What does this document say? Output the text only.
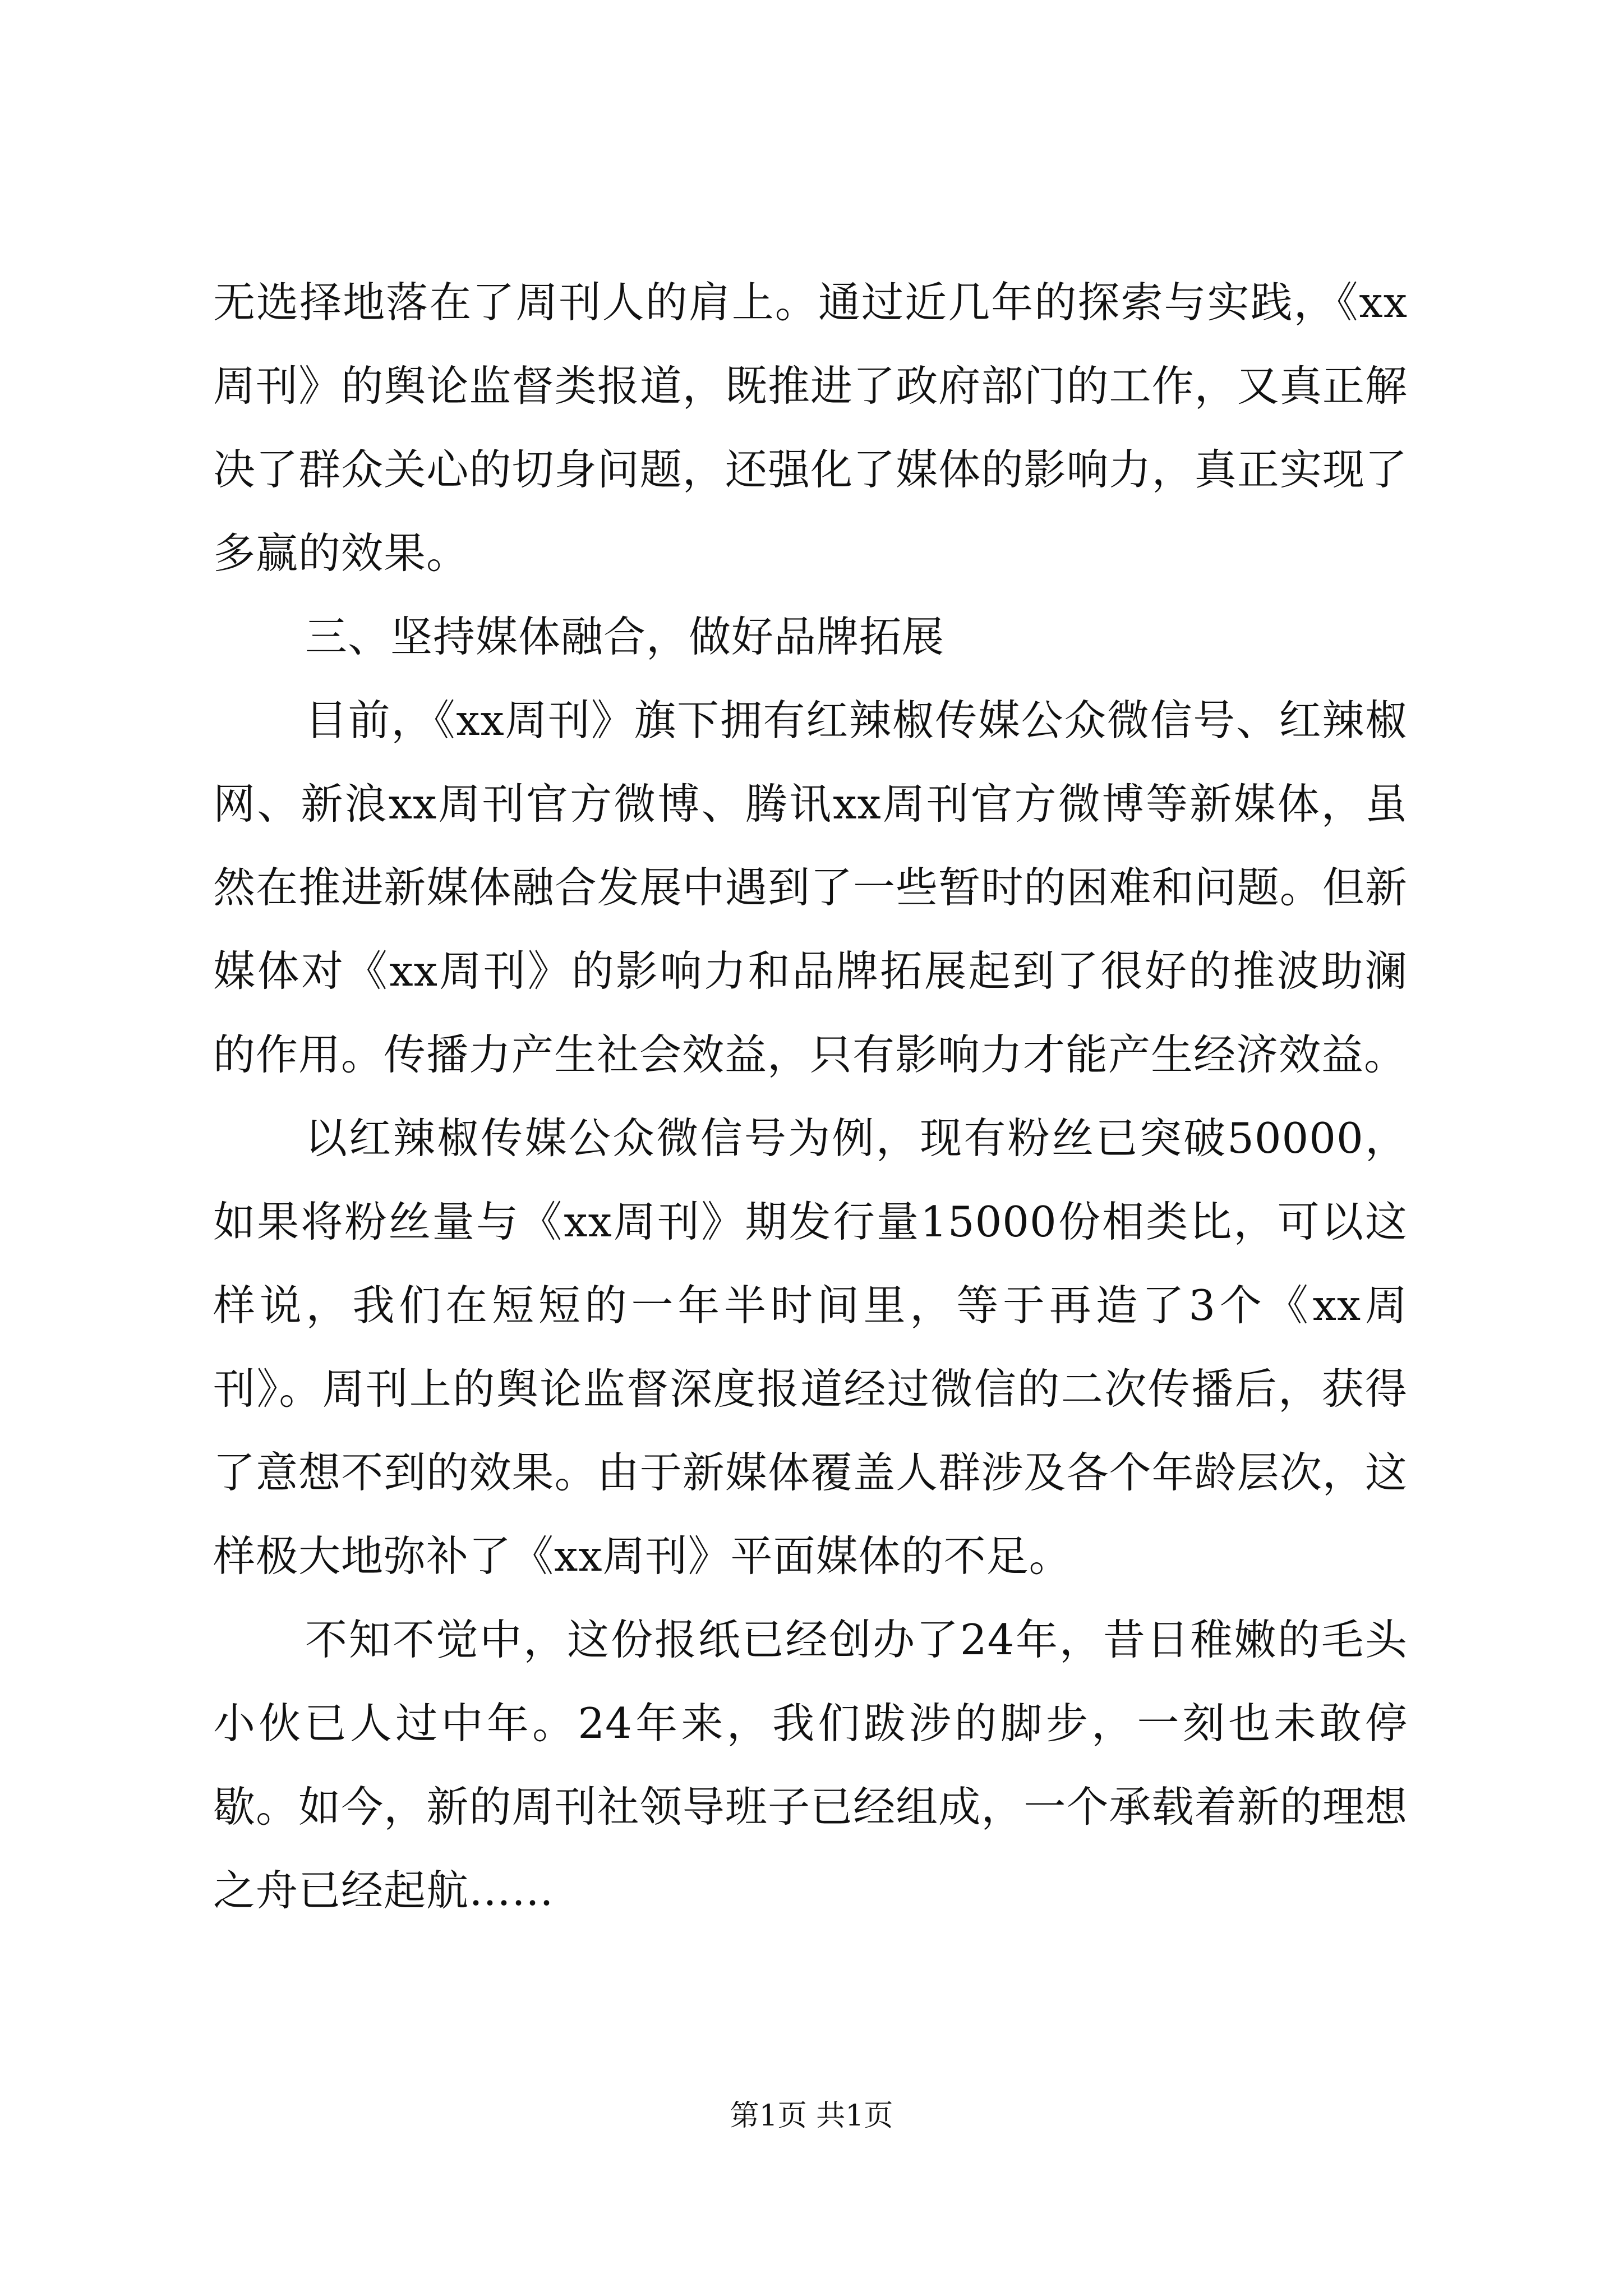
无选择地落在了周刊人的肩上。通过近几年的探索与实践，《xx周刊》的舆论监督类报道，既推进了政府部门的工作，又真正解决了群众关心的切身问题，还强化了媒体的影响力，真正实现了多赢的效果。

三、坚持媒体融合，做好品牌拓展

目前，《xx周刊》旗下拥有红辣椒传媒公众微信号、红辣椒网、新浪xx周刊官方微博、腾讯xx周刊官方微博等新媒体，虽然在推进新媒体融合发展中遇到了一些暂时的困难和问题。但新媒体对《xx周刊》的影响力和品牌拓展起到了很好的推波助澜的作用。传播力产生社会效益，只有影响力才能产生经济效益。

以红辣椒传媒公众微信号为例，现有粉丝已突破50000，如果将粉丝量与《xx周刊》期发行量15000份相类比，可以这样说，我们在短短的一年半时间里，等于再造了3个《xx周刊》。周刊上的舆论监督深度报道经过微信的二次传播后，获得了意想不到的效果。由于新媒体覆盖人群涉及各个年龄层次，这样极大地弥补了《xx周刊》平面媒体的不足。

不知不觉中，这份报纸已经创办了24年，昔日稚嫩的毛头小伙已人过中年。24年来，我们跋涉的脚步，一刻也未敢停歇。如今，新的周刊社领导班子已经组成，一个承载着新的理想之舟已经起航……

第1页 共1页
